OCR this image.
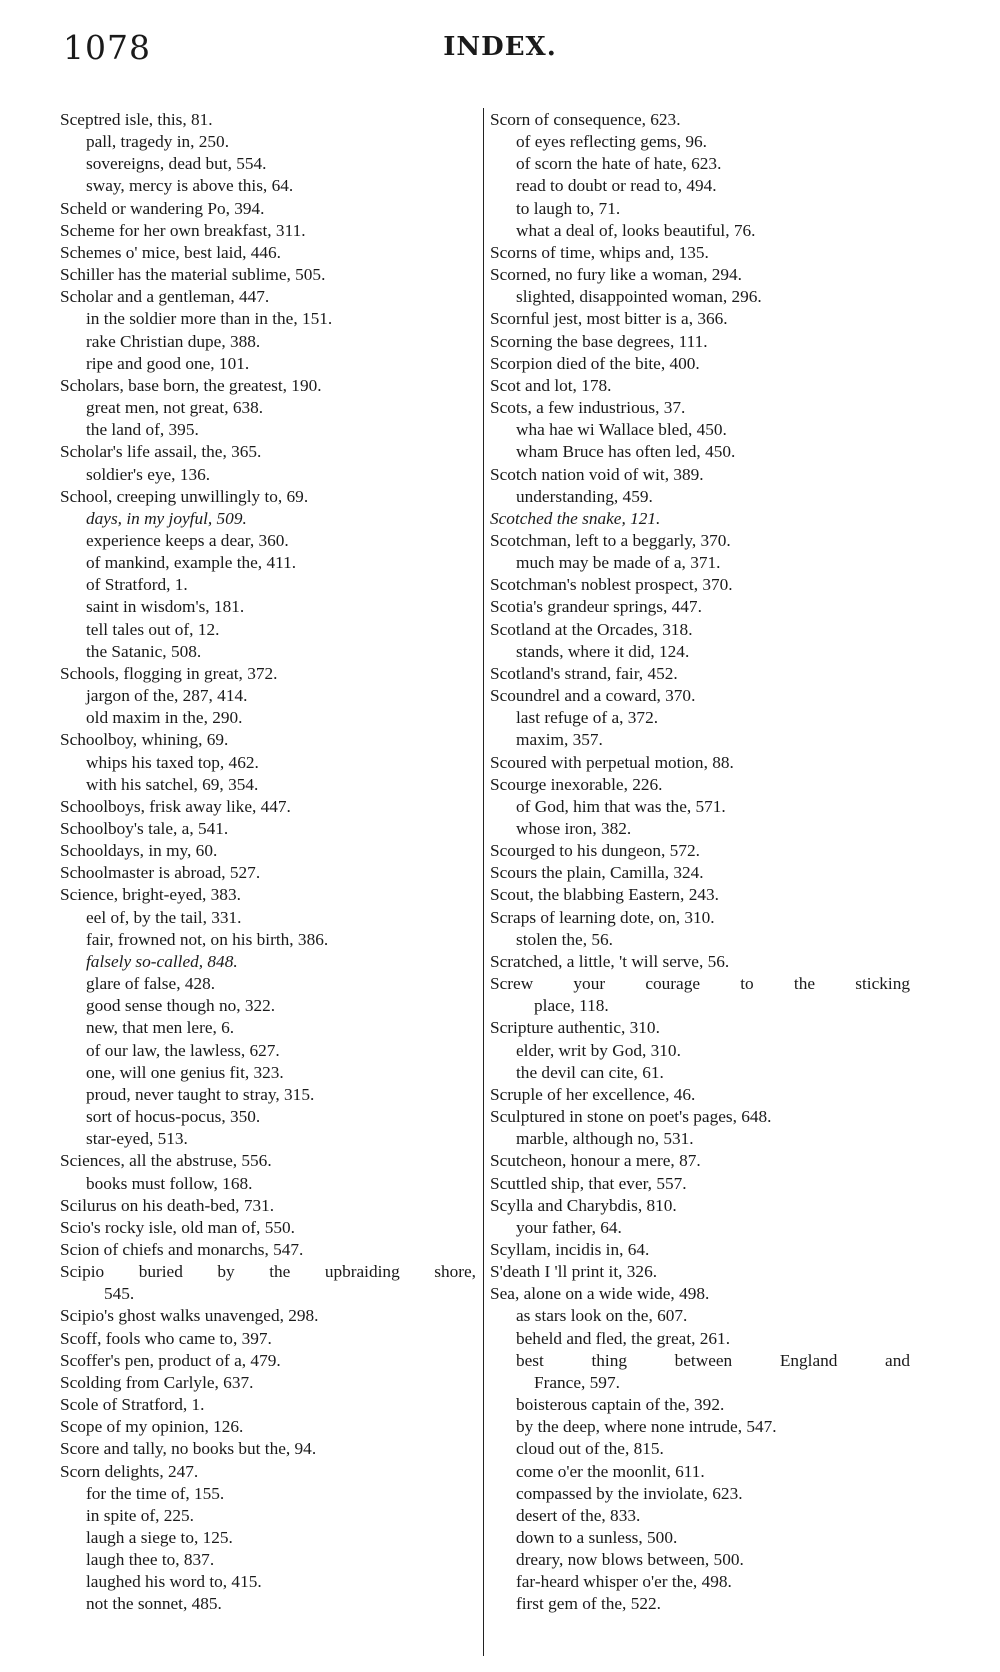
1078	INDEX.
Sceptred isle, this, 81.
pall, tragedy in, 250.
sovereigns, dead but, 554.
sway, mercy is above this, 64.
Scheld or wandering Po, 394.
Scheme for her own breakfast, 311.
Schemes o' mice, best laid, 446.
Schiller has the material sublime, 505.
Scholar and a gentleman, 447.
in the soldier more than in the, 151.
rake Christian dupe, 388.
ripe and good one, 101.
Scholars, base born, the greatest, 190.
great men, not great, 638.
the land of, 395.
Scholar's life assail, the, 365.
soldier's eye, 136.
School, creeping unwillingly to, 69.
days, in my joyful, 509.
experience keeps a dear, 360.
of mankind, example the, 411.
of Stratford, 1.
saint in wisdom's, 181.
tell tales out of, 12.
the Satanic, 508.
Schools, flogging in great, 372.
jargon of the, 287, 414.
old maxim in the, 290.
Schoolboy, whining, 69.
whips his taxed top, 462.
with his satchel, 69, 354.
Schoolboys, frisk away like, 447.
Schoolboy's tale, a, 541.
Schooldays, in my, 60.
Schoolmaster is abroad, 527.
Science, bright-eyed, 383.
eel of, by the tail, 331.
fair, frowned not, on his birth, 386.
falsely so-called, 848.
glare of false, 428.
good sense though no, 322.
new, that men lere, 6.
of our law, the lawless, 627.
one, will one genius fit, 323.
proud, never taught to stray, 315.
sort of hocus-pocus, 350.
star-eyed, 513.
Sciences, all the abstruse, 556.
books must follow, 168.
Scilurus on his death-bed, 731.
Scio's rocky isle, old man of, 550.
Scion of chiefs and monarchs, 547.
Scipio buried by the upbraiding shore,
545.
Scipio's ghost walks unavenged, 298.
Scoff, fools who came to, 397.
Scoffer's pen, product of a, 479.
Scolding from Carlyle, 637.
Scole of Stratford, 1.
Scope of my opinion, 126.
Score and tally, no books but the, 94.
Scorn delights, 247.
for the time of, 155.
in spite of, 225.
laugh a siege to, 125.
laugh thee to, 837.
laughed his word to, 415.
not the sonnet, 485.
Scorn of consequence, 623.
of eyes reflecting gems, 96.
of scorn the hate of hate, 623.
read to doubt or read to, 494.
to laugh to, 71.
what a deal of, looks beautiful, 76.
Scorns of time, whips and, 135.
Scorned, no fury like a woman, 294.
slighted, disappointed woman, 296.
Scornful jest, most bitter is a, 366.
Scorning the base degrees, 111.
Scorpion died of the bite, 400.
Scot and lot, 178.
Scots, a few industrious, 37.
wha hae wi Wallace bled, 450.
wham Bruce has often led, 450.
Scotch nation void of wit, 389.
understanding, 459.
Scotched the snake, 121.
Scotchman, left to a beggarly, 370.
much may be made of a, 371.
Scotchman's noblest prospect, 370.
Scotia's grandeur springs, 447.
Scotland at the Orcades, 318.
stands, where it did, 124.
Scotland's strand, fair, 452.
Scoundrel and a coward, 370.
last refuge of a, 372.
maxim, 357.
Scoured with perpetual motion, 88.
Scourge inexorable, 226.
of God, him that was the, 571.
whose iron, 382.
Scourged to his dungeon, 572.
Scours the plain, Camilla, 324.
Scout, the blabbing Eastern, 243.
Scraps of learning dote, on, 310.
stolen the, 56.
Scratched, a little, 't will serve, 56.
Screw your courage to the sticking
place, 118.
Scripture authentic, 310.
elder, writ by God, 310.
the devil can cite, 61.
Scruple of her excellence, 46.
Sculptured in stone on poet's pages, 648.
marble, although no, 531.
Scutcheon, honour a mere, 87.
Scuttled ship, that ever, 557.
Scylla and Charybdis, 810.
your father, 64.
Scyllam, incidis in, 64.
S'death I 'll print it, 326.
Sea, alone on a wide wide, 498.
as stars look on the, 607.
beheld and fled, the great, 261.
best thing between England and
France, 597.
boisterous captain of the, 392.
by the deep, where none intrude, 547.
cloud out of the, 815.
come o'er the moonlit, 611.
compassed by the inviolate, 623.
desert of the, 833.
down to a sunless, 500.
dreary, now blows between, 500.
far-heard whisper o'er the, 498.
first gem of the, 522.
